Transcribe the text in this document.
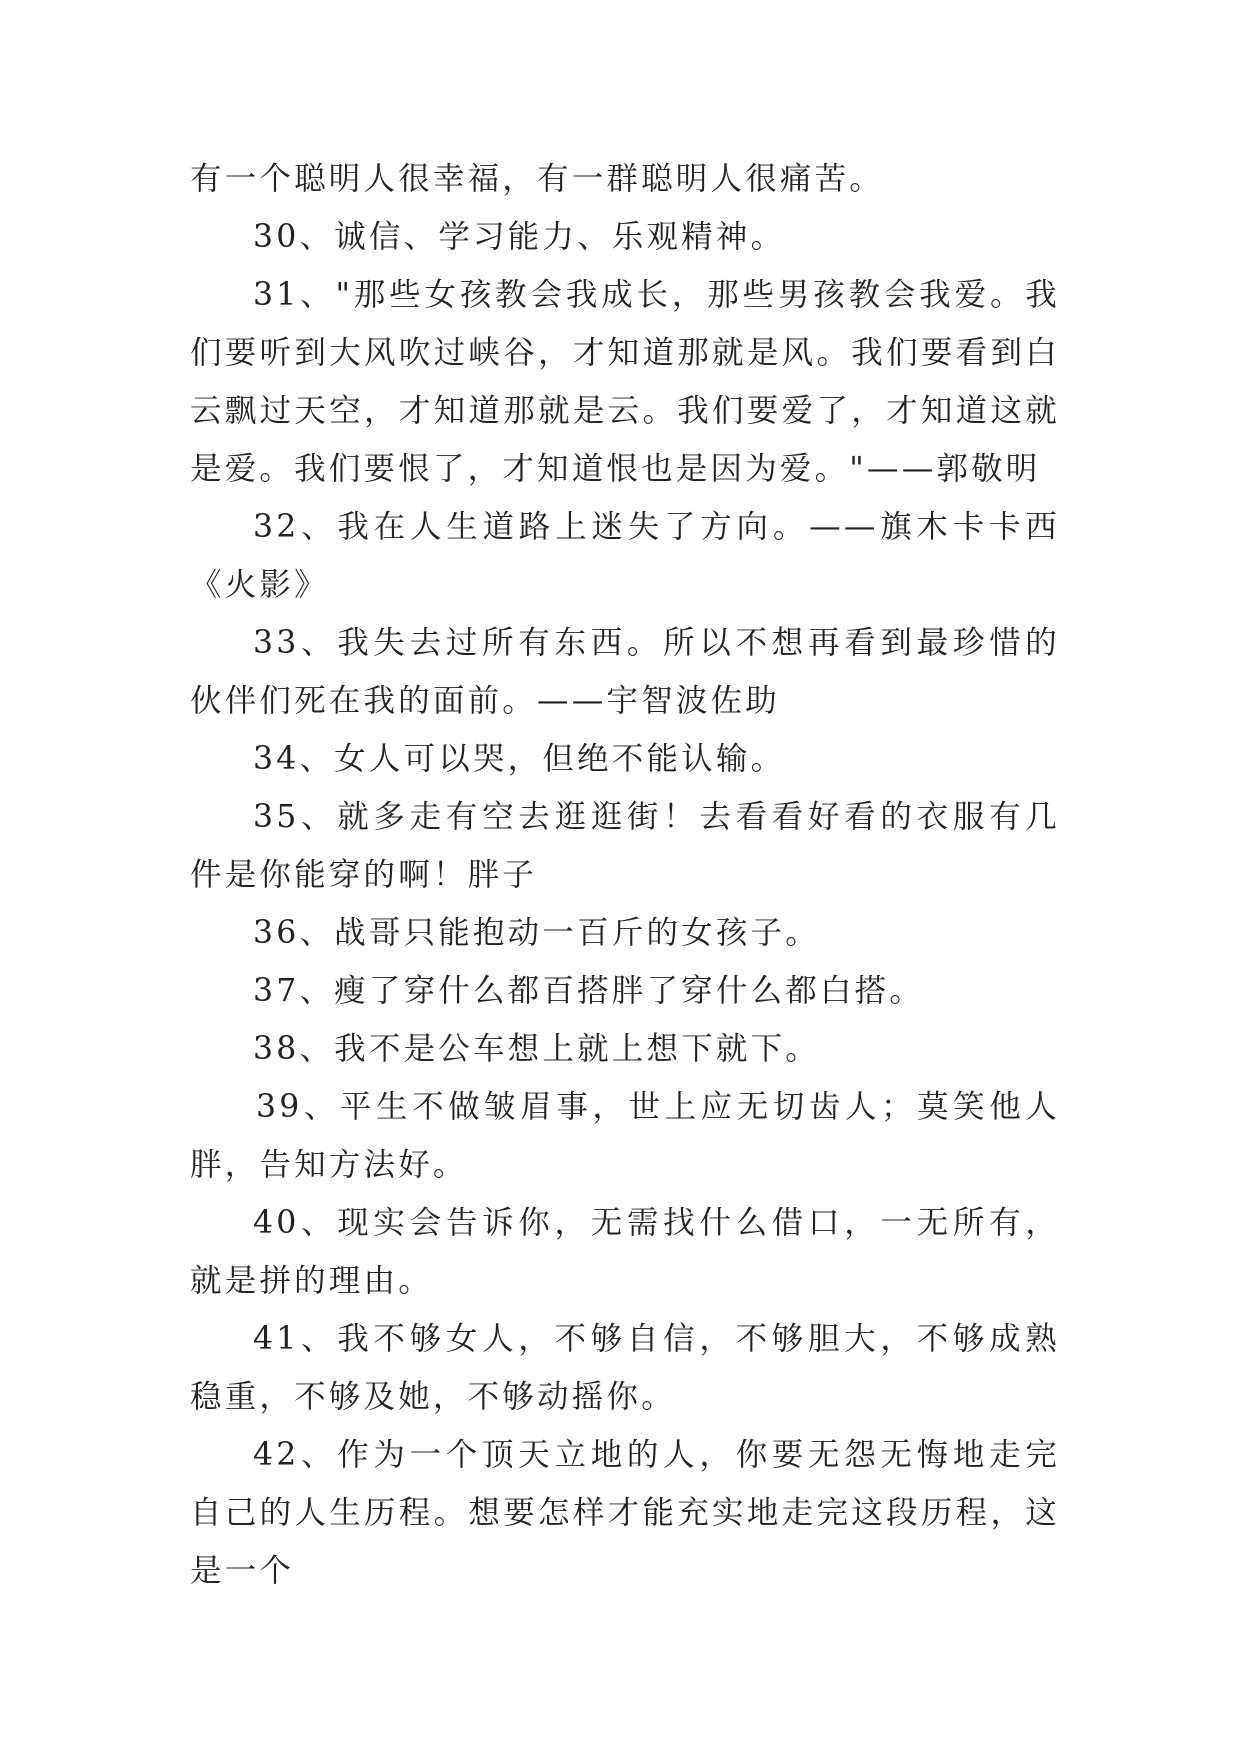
有一个聪明人很幸福，有一群聪明人很痛苦。

30、诚信、学习能力、乐观精神。

31、"那些女孩教会我成长，那些男孩教会我爱。我们要听到大风吹过峡谷，才知道那就是风。我们要看到白云飘过天空，才知道那就是云。我们要爱了，才知道这就是爱。我们要恨了，才知道恨也是因为爱。"——郭敬明

32、我在人生道路上迷失了方向。——旗木卡卡西《火影》

33、我失去过所有东西。所以不想再看到最珍惜的伙伴们死在我的面前。——宇智波佐助

34、女人可以哭，但绝不能认输。

35、就多走有空去逛逛街！去看看好看的衣服有几件是你能穿的啊！胖子

36、战哥只能抱动一百斤的女孩子。

37、瘦了穿什么都百搭胖了穿什么都白搭。

38、我不是公车想上就上想下就下。

39、平生不做皱眉事，世上应无切齿人；莫笑他人胖，告知方法好。

40、现实会告诉你，无需找什么借口，一无所有，就是拼的理由。

41、我不够女人，不够自信，不够胆大，不够成熟稳重，不够及她，不够动摇你。

42、作为一个顶天立地的人，你要无怨无悔地走完自己的人生历程。想要怎样才能充实地走完这段历程，这是一个
